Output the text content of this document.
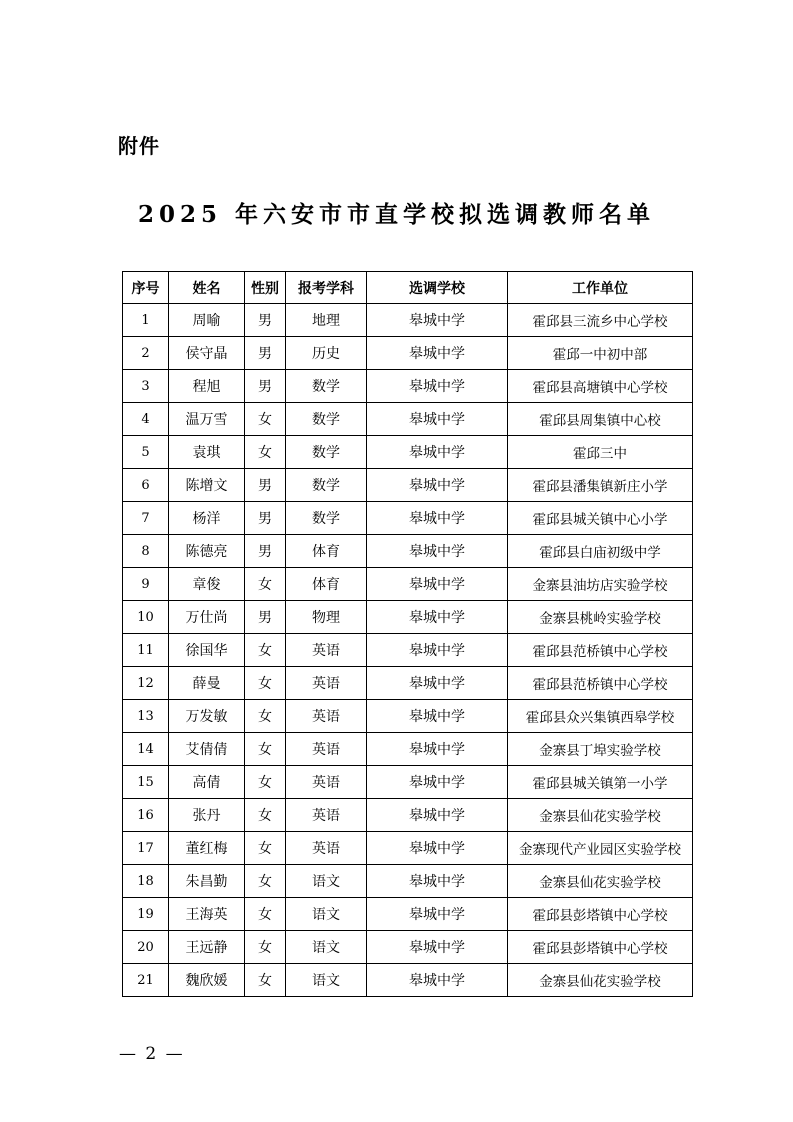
附件
2025 年六安市市直学校拟选调教师名单
序号	姓名	性别	报考学科	选调学校	工作单位
1	周喻	男	地理	皋城中学	霍邱县三流乡中心学校
2	侯守晶	男	历史	皋城中学	霍邱一中初中部
3	程旭	男	数学	皋城中学	霍邱县高塘镇中心学校
4	温万雪	女	数学	皋城中学	霍邱县周集镇中心校
5	袁琪	女	数学	皋城中学	霍邱三中
6	陈增文	男	数学	皋城中学	霍邱县潘集镇新庄小学
7	杨洋	男	数学	皋城中学	霍邱县城关镇中心小学
8	陈德亮	男	体育	皋城中学	霍邱县白庙初级中学
9	章俊	女	体育	皋城中学	金寨县油坊店实验学校
10	万仕尚	男	物理	皋城中学	金寨县桃岭实验学校
11	徐国华	女	英语	皋城中学	霍邱县范桥镇中心学校
12	薛曼	女	英语	皋城中学	霍邱县范桥镇中心学校
13	万发敏	女	英语	皋城中学	霍邱县众兴集镇西皋学校
14	艾倩倩	女	英语	皋城中学	金寨县丁埠实验学校
15	高倩	女	英语	皋城中学	霍邱县城关镇第一小学
16	张丹	女	英语	皋城中学	金寨县仙花实验学校
17	董红梅	女	英语	皋城中学	金寨现代产业园区实验学校
18	朱昌勤	女	语文	皋城中学	金寨县仙花实验学校
19	王海英	女	语文	皋城中学	霍邱县彭塔镇中心学校
20	王远静	女	语文	皋城中学	霍邱县彭塔镇中心学校
21	魏欣媛	女	语文	皋城中学	金寨县仙花实验学校
— 2 —
